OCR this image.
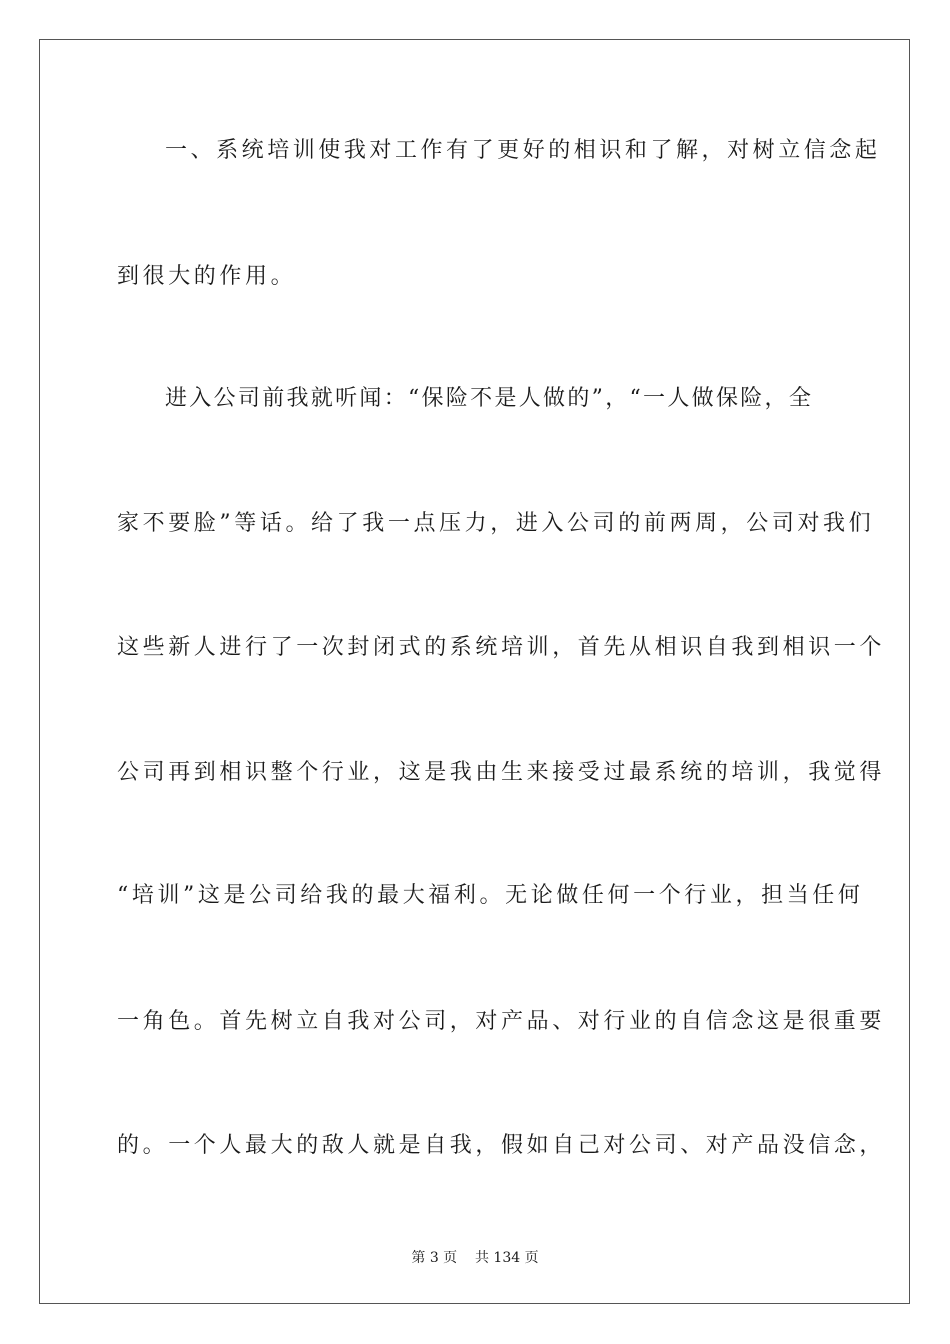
一、系统培训使我对工作有了更好的相识和了解，对树立信念起
到很大的作用。
进入公司前我就听闻：“保险不是人做的”，“一人做保险，全
家不要脸”等话。给了我一点压力，进入公司的前两周，公司对我们
这些新人进行了一次封闭式的系统培训，首先从相识自我到相识一个
公司再到相识整个行业，这是我由生来接受过最系统的培训，我觉得
“培训”这是公司给我的最大福利。无论做任何一个行业，担当任何
一角色。首先树立自我对公司，对产品、对行业的自信念这是很重要
的。一个人最大的敌人就是自我，假如自己对公司、对产品没信念，
第 3 页    共 134 页
